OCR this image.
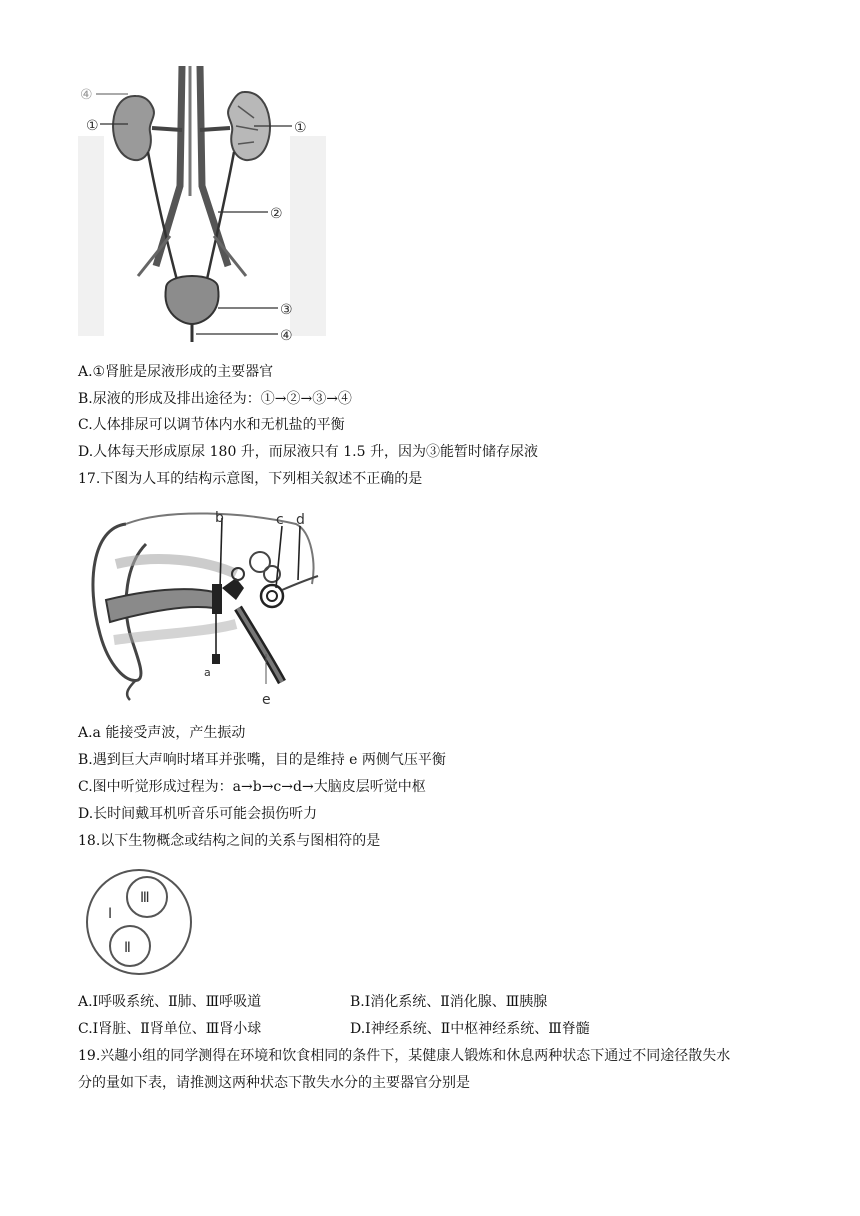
①	①
②
③
④
④
A.①肾脏是尿液形成的主要器官
B.尿液的形成及排出途径为：①→②→③→④
C.人体排尿可以调节体内水和无机盐的平衡
D.人体每天形成原尿 180 升，而尿液只有 1.5 升，因为③能暂时储存尿液
17.下图为人耳的结构示意图，下列相关叙述不正确的是
b	c d
e
a
A.a 能接受声波，产生振动
B.遇到巨大声响时堵耳并张嘴，目的是维持 e 两侧气压平衡
C.图中听觉形成过程为：a→b→c→d→大脑皮层听觉中枢
D.长时间戴耳机听音乐可能会损伤听力
18.以下生物概念或结构之间的关系与图相符的是
Ⅰ
Ⅲ
Ⅱ
A.Ⅰ呼吸系统、Ⅱ肺、Ⅲ呼吸道	B.Ⅰ消化系统、Ⅱ消化腺、Ⅲ胰腺
C.Ⅰ肾脏、Ⅱ肾单位、Ⅲ肾小球	D.Ⅰ神经系统、Ⅱ中枢神经系统、Ⅲ脊髓
19.兴趣小组的同学测得在环境和饮食相同的条件下，某健康人锻炼和休息两种状态下通过不同途径散失水
分的量如下表，请推测这两种状态下散失水分的主要器官分别是
